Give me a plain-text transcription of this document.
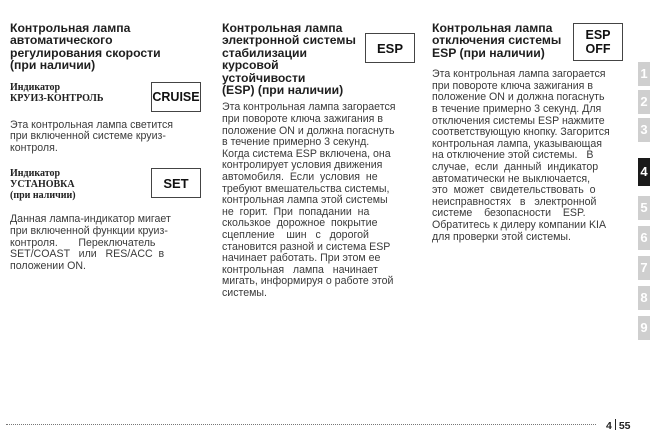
Контрольная лампа
автоматического
регулирования скорости
(при наличии)
Индикатор
КРУИЗ-КОНТРОЛЬ	CRUISE
Эта контрольная лампа светится
при включенной системе круиз-
контроля.
Индикатор
УСТАНОВКА
(при наличии)
SET
Данная лампа-индикатор мигает
при включенной функции круиз-
контроля.       Переключатель
SET/COAST   или   RES/ACC  в
положении ON.
Контрольная лампа
электронной системы
стабилизации
курсовой
устойчивости
(ESP) (при наличии)
ESP
Эта контрольная лампа загорается
при повороте ключа зажигания в
положение ON и должна погаснуть
в течение примерно 3 секунд.
Когда система ESP включена, она
контролирует условия движения
автомобиля.  Если  условия  не
требуют вмешательства системы,
контрольная лампа этой системы
не  горит.  При  попадании  на
скользкое  дорожное  покрытие
сцепление    шин   с   дорогой
становится разной и система ESP
начинает работать. При этом ее
контрольная   лампа   начинает
мигать, информируя о работе этой
системы.
Контрольная лампа
отключения системы
ESP (при наличии)
ESP
OFF
Эта контрольная лампа загорается
при повороте ключа зажигания в
положение ON и должна погаснуть
в течение примерно 3 секунд. Для
отключения системы ESP нажмите
соответствующую кнопку. Загорится
контрольная лампа, указывающая
на отключение этой системы.   В
случае,  если  данный  индикатор
автоматически не выключается,
это  может  свидетельствовать  о
неисправностях   в   электронной
системе    безопасности    ESP.
Обратитесь к дилеру компании KIA
для проверки этой системы.
1
2
3
4
5
6
7
8
9
4 55
